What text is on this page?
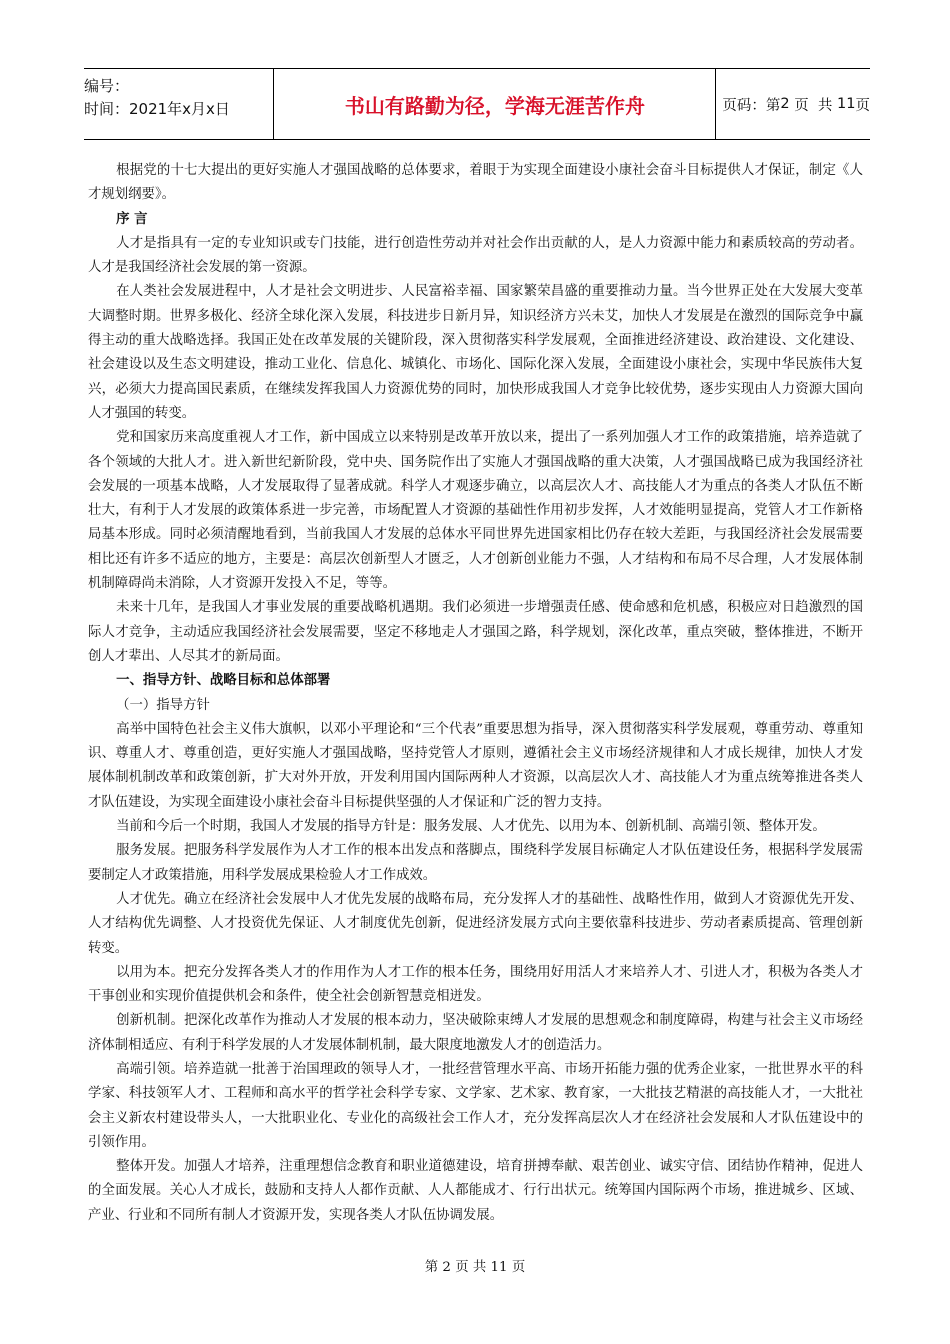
编号：
时间：2021年x月x日	书山有路勤为径，学海无涯苦作舟	页码：第 2
页  共
11 页

根据党的十七大提出的更好实施人才强国战略的总体要求，着眼于为实现全面建设小康社会奋斗目标提供人才保证，制定《人才规划纲要》。

序 言

人才是指具有一定的专业知识或专门技能，进行创造性劳动并对社会作出贡献的人，是人力资源中能力和素质较高的劳动者。人才是我国经济社会发展的第一资源。

在人类社会发展进程中，人才是社会文明进步、人民富裕幸福、国家繁荣昌盛的重要推动力量。当今世界正处在大发展大变革大调整时期。世界多极化、经济全球化深入发展，科技进步日新月异，知识经济方兴未艾，加快人才发展是在激烈的国际竞争中赢得主动的重大战略选择。我国正处在改革发展的关键阶段，深入贯彻落实科学发展观，全面推进经济建设、政治建设、文化建设、社会建设以及生态文明建设，推动工业化、信息化、城镇化、市场化、国际化深入发展，全面建设小康社会，实现中华民族伟大复兴，必须大力提高国民素质，在继续发挥我国人力资源优势的同时，加快形成我国人才竞争比较优势，逐步实现由人力资源大国向人才强国的转变。

党和国家历来高度重视人才工作，新中国成立以来特别是改革开放以来，提出了一系列加强人才工作的政策措施，培养造就了各个领域的大批人才。进入新世纪新阶段，党中央、国务院作出了实施人才强国战略的重大决策，人才强国战略已成为我国经济社会发展的一项基本战略，人才发展取得了显著成就。科学人才观逐步确立，以高层次人才、高技能人才为重点的各类人才队伍不断壮大，有利于人才发展的政策体系进一步完善，市场配置人才资源的基础性作用初步发挥，人才效能明显提高，党管人才工作新格局基本形成。同时必须清醒地看到，当前我国人才发展的总体水平同世界先进国家相比仍存在较大差距，与我国经济社会发展需要相比还有许多不适应的地方，主要是：高层次创新型人才匮乏，人才创新创业能力不强，人才结构和布局不尽合理，人才发展体制机制障碍尚未消除，人才资源开发投入不足，等等。

未来十几年，是我国人才事业发展的重要战略机遇期。我们必须进一步增强责任感、使命感和危机感，积极应对日趋激烈的国际人才竞争，主动适应我国经济社会发展需要，坚定不移地走人才强国之路，科学规划，深化改革，重点突破，整体推进，不断开创人才辈出、人尽其才的新局面。

一、指导方针、战略目标和总体部署

（一）指导方针

高举中国特色社会主义伟大旗帜，以邓小平理论和“三个代表”重要思想为指导，深入贯彻落实科学发展观，尊重劳动、尊重知识、尊重人才、尊重创造，更好实施人才强国战略，坚持党管人才原则，遵循社会主义市场经济规律和人才成长规律，加快人才发展体制机制改革和政策创新，扩大对外开放，开发利用国内国际两种人才资源，以高层次人才、高技能人才为重点统筹推进各类人才队伍建设，为实现全面建设小康社会奋斗目标提供坚强的人才保证和广泛的智力支持。

当前和今后一个时期，我国人才发展的指导方针是：服务发展、人才优先、以用为本、创新机制、高端引领、整体开发。

服务发展。把服务科学发展作为人才工作的根本出发点和落脚点，围绕科学发展目标确定人才队伍建设任务，根据科学发展需要制定人才政策措施，用科学发展成果检验人才工作成效。

人才优先。确立在经济社会发展中人才优先发展的战略布局，充分发挥人才的基础性、战略性作用，做到人才资源优先开发、人才结构优先调整、人才投资优先保证、人才制度优先创新，促进经济发展方式向主要依靠科技进步、劳动者素质提高、管理创新转变。

以用为本。把充分发挥各类人才的作用作为人才工作的根本任务，围绕用好用活人才来培养人才、引进人才，积极为各类人才干事创业和实现价值提供机会和条件，使全社会创新智慧竞相迸发。

创新机制。把深化改革作为推动人才发展的根本动力，坚决破除束缚人才发展的思想观念和制度障碍，构建与社会主义市场经济体制相适应、有利于科学发展的人才发展体制机制，最大限度地激发人才的创造活力。

高端引领。培养造就一批善于治国理政的领导人才，一批经营管理水平高、市场开拓能力强的优秀企业家，一批世界水平的科学家、科技领军人才、工程师和高水平的哲学社会科学专家、文学家、艺术家、教育家，一大批技艺精湛的高技能人才，一大批社会主义新农村建设带头人，一大批职业化、专业化的高级社会工作人才，充分发挥高层次人才在经济社会发展和人才队伍建设中的引领作用。

整体开发。加强人才培养，注重理想信念教育和职业道德建设，培育拼搏奉献、艰苦创业、诚实守信、团结协作精神，促进人的全面发展。关心人才成长，鼓励和支持人人都作贡献、人人都能成才、行行出状元。统筹国内国际两个市场，推进城乡、区域、产业、行业和不同所有制人才资源开发，实现各类人才队伍协调发展。

第 2 页 共 11 页
